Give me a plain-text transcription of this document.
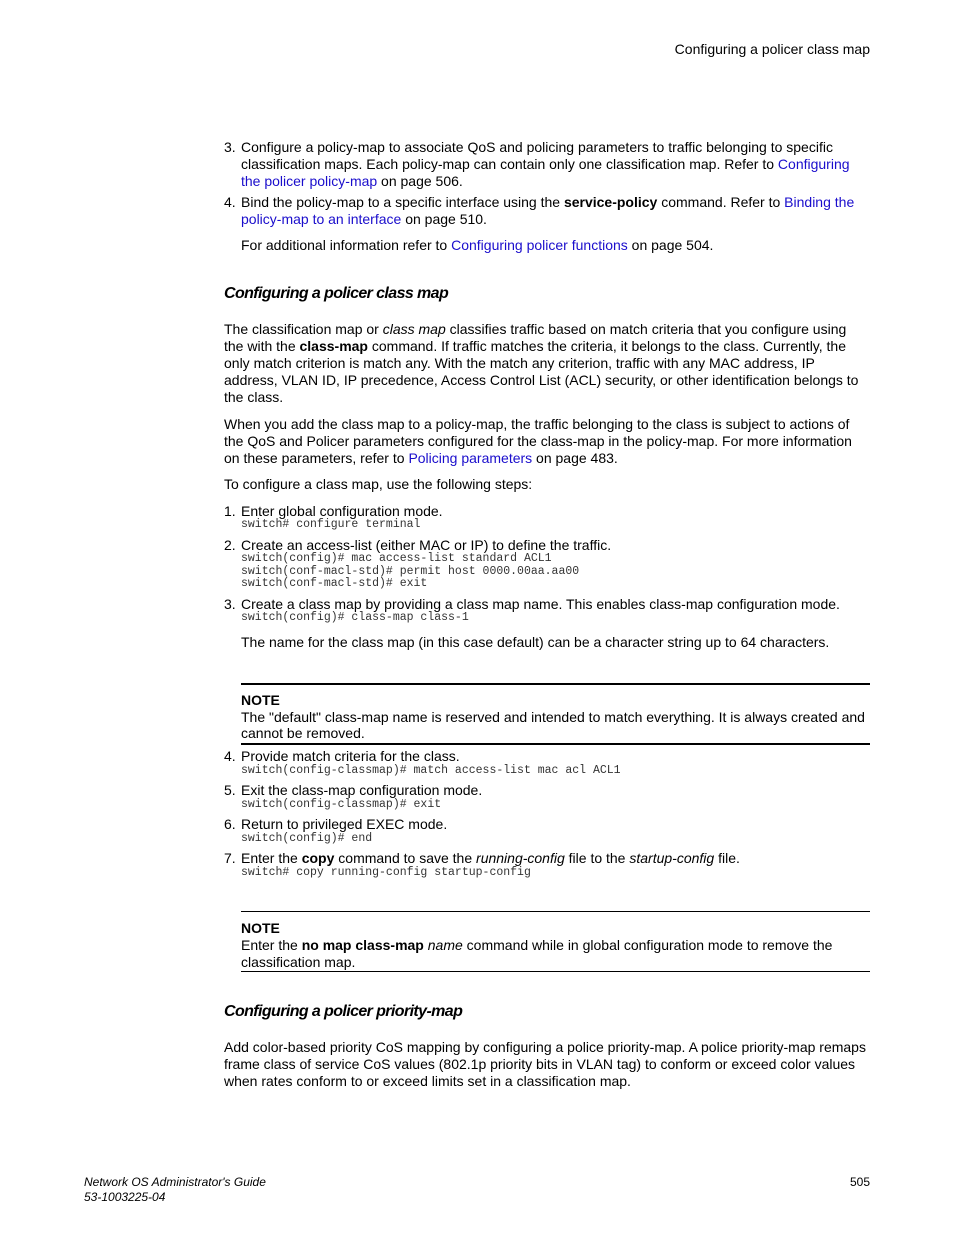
Configuring a policer class map
3. Configure a policy-map to associate QoS and policing parameters to traffic belonging to specific
classification maps. Each policy-map can contain only one classification map. Refer to Configuring
the policer policy-map on page 506.
4. Bind the policy-map to a specific interface using the service-policy command. Refer to Binding the
policy-map to an interface on page 510.
For additional information refer to Configuring policer functions on page 504.
Configuring a policer class map
The classification map or class map classifies traffic based on match criteria that you configure using
the with the class-map command. If traffic matches the criteria, it belongs to the class. Currently, the
only match criterion is match any. With the match any criterion, traffic with any MAC address, IP
address, VLAN ID, IP precedence, Access Control List (ACL) security, or other identification belongs to
the class.
When you add the class map to a policy-map, the traffic belonging to the class is subject to actions of
the QoS and Policer parameters configured for the class-map in the policy-map. For more information
on these parameters, refer to Policing parameters on page 483.
To configure a class map, use the following steps:
1. Enter global configuration mode.
switch# configure terminal
2. Create an access-list (either MAC or IP) to define the traffic.
switch(config)# mac access-list standard ACL1
switch(conf-macl-std)# permit host 0000.00aa.aa00
switch(conf-macl-std)# exit
3. Create a class map by providing a class map name. This enables class-map configuration mode.
switch(config)# class-map class-1
The name for the class map (in this case default) can be a character string up to 64 characters.
NOTE
The "default" class-map name is reserved and intended to match everything. It is always created and
cannot be removed.
4. Provide match criteria for the class.
switch(config-classmap)# match access-list mac acl ACL1
5. Exit the class-map configuration mode.
switch(config-classmap)# exit
6. Return to privileged EXEC mode.
switch(config)# end
7. Enter the copy command to save the running-config file to the startup-config file.
switch# copy running-config startup-config
NOTE
Enter the no map class-map name command while in global configuration mode to remove the
classification map.
Configuring a policer priority-map
Add color-based priority CoS mapping by configuring a police priority-map. A police priority-map remaps
frame class of service CoS values (802.1p priority bits in VLAN tag) to conform or exceed color values
when rates conform to or exceed limits set in a classification map.
Network OS Administrator's Guide
53-1003225-04
505
